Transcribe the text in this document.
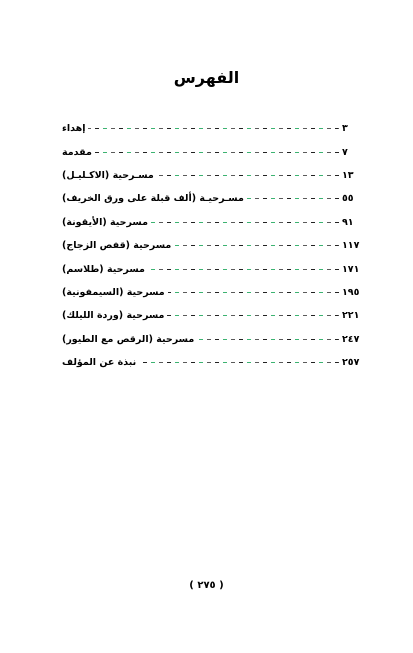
الفهرس
إهداء	٣
مقدمة	٧
مسـرحية (الاكـليـل)	١٣
مسـرحيـة (ألف قبلة على ورق الخريف)	٥٥
مسرحية (الأيقونة)	٩١
مسرحية (قفص الزجاج)	١١٧
مسرحية (طلاسم)	١٧١
مسرحية (السيمفونية)	١٩٥
مسرحية (وردة الليلك)	٢٢١
مسرحية (الرقص مع الطيور)	٢٤٧
نبذة عن المؤلف	٢٥٧
( ٢٧٥ )
